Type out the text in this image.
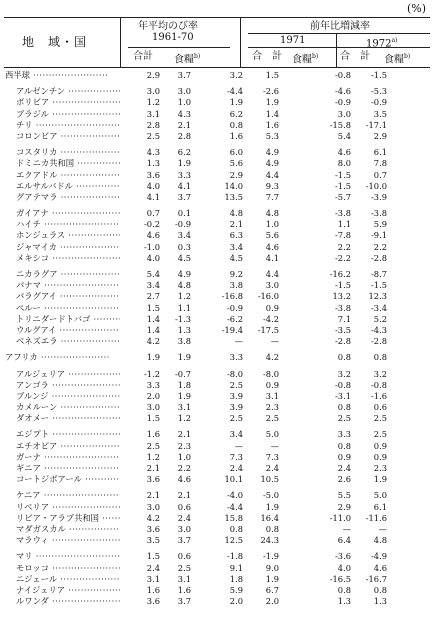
(%)
地　域・国
年平均のび率
1961-70
前年比増減率
1971	1972$^{a)}$
合計 食糧$^{b)}$	合　計 食糧$^{b)}$ 合　計 食糧$^{b)}$
西半球 ·····	2.9	3.7	3.2	1.5	-0.8	-1.5
アルゼンチン ·····	3.0	3.0	-4.4	-2.6	-4.6	-5.3
ボリビア ·····	1.2	1.0	1.9	1.9	-0.9	-0.9
ブラジル ·····	3.1	4.3	6.2	1.4	3.0	3.5
チリ ·····	2.8	2.1	0.8	1.6	-15.8	-17.1
コロンビア ·····	2.5	2.8	1.6	5.3	5.4	2.9
コスタリカ ·····	4.3	6.2	6.0	4.9	4.6	6.1
ドミニカ共和国 ·····	1.3	1.9	5.6	4.9	8.0	7.8
エクアドル ·····	3.6	3.3	2.9	4.4	-1.5	0.7
エルサルバドル ·····	4.0	4.1	14.0	9.3	-1.5	-10.0
グアテマラ ·····	4.1	3.7	13.5	7.7	-5.7	-3.9
ガイアナ ·····	0.7	0.1	4.8	4.8	-3.8	-3.8
ハイチ ·····	-0.2	-0.9	2.1	1.0	1.1	5.9
ホンジュラス ·····	4.6	3.4	6.3	5.6	-7.8	-9.1
ジャマイカ ·····	-1.0	0.3	3.4	4.6	2.2	2.2
メキシコ ·····	4.0	4.5	4.5	4.1	-2.2	-2.8
ニカラグア ·····	5.4	4.9	9.2	4.4	-16.2	-8.7
パナマ ·····	3.4	4.8	3.8	3.0	-1.5	-1.5
パラグアイ ·····	2.7	1.2	-16.8	-16.0	13.2	12.3
ペルー ·····	1.5	1.1	-0.9	0.9	-3.8	-3.4
トリニダードトバゴ ·····	1.4	-1.3	-6.2	-4.2	7.1	5.2
ウルグアイ ·····	1.4	1.3	-19.4	-17.5	-3.5	-4.3
ベネズエラ ·····	4.2	3.8	—	—	-2.8	-2.8
アフリカ ·····	1.9	1.9	3.3	4.2	0.8	0.8
アルジェリア ·····	-1.2	-0.7	-8.0	-8.0	3.2	3.2
アンゴラ ·····	3.3	1.8	2.5	0.9	-0.8	-0.8
ブルンジ ·····	2.0	1.9	3.9	3.1	-3.1	-1.6
カメルーン ·····	3.0	3.1	3.9	2.3	0.8	0.6
ダオメー ·····	1.5	1.2	2.5	2.5	2.5	2.5
エジプト ·····	1.6	2.1	3.4	5.0	3.3	2.5
エチオピア ·····	2.5	2.3	—	—	0.8	0.9
ガーナ ·····	1.2	1.0	7.3	7.3	0.9	0.9
ギニア ·····	2.1	2.2	2.4	2.4	2.4	2.3
コートジボアール ·····	3.6	4.6	10.1	10.5	2.6	1.9
ケニア ·····	2.1	2.1	-4.0	-5.0	5.5	5.0
リベリア ·····	3.0	0.6	-4.4	1.9	2.9	6.1
リビア・アラブ共和国 ·····	4.2	2.4	15.8	16.4	-11.0	-11.6
マダガスカル ·····	3.6	3.0	0.8	0.8	—	—
マラウィ ·····	3.5	3.7	12.5	24.3	6.4	4.8
マリ ·····	1.5	0.6	-1.8	-1.9	-3.6	-4.9
モロッコ ·····	2.4	2.5	9.1	9.0	4.0	4.6
ニジェール ·····	3.1	3.1	1.8	1.9	-16.5	-16.7
ナイジェリア ·····	1.6	1.6	5.9	6.7	0.8	0.8
ルワンダ ·····	3.6	3.7	2.0	2.0	1.3	1.3
